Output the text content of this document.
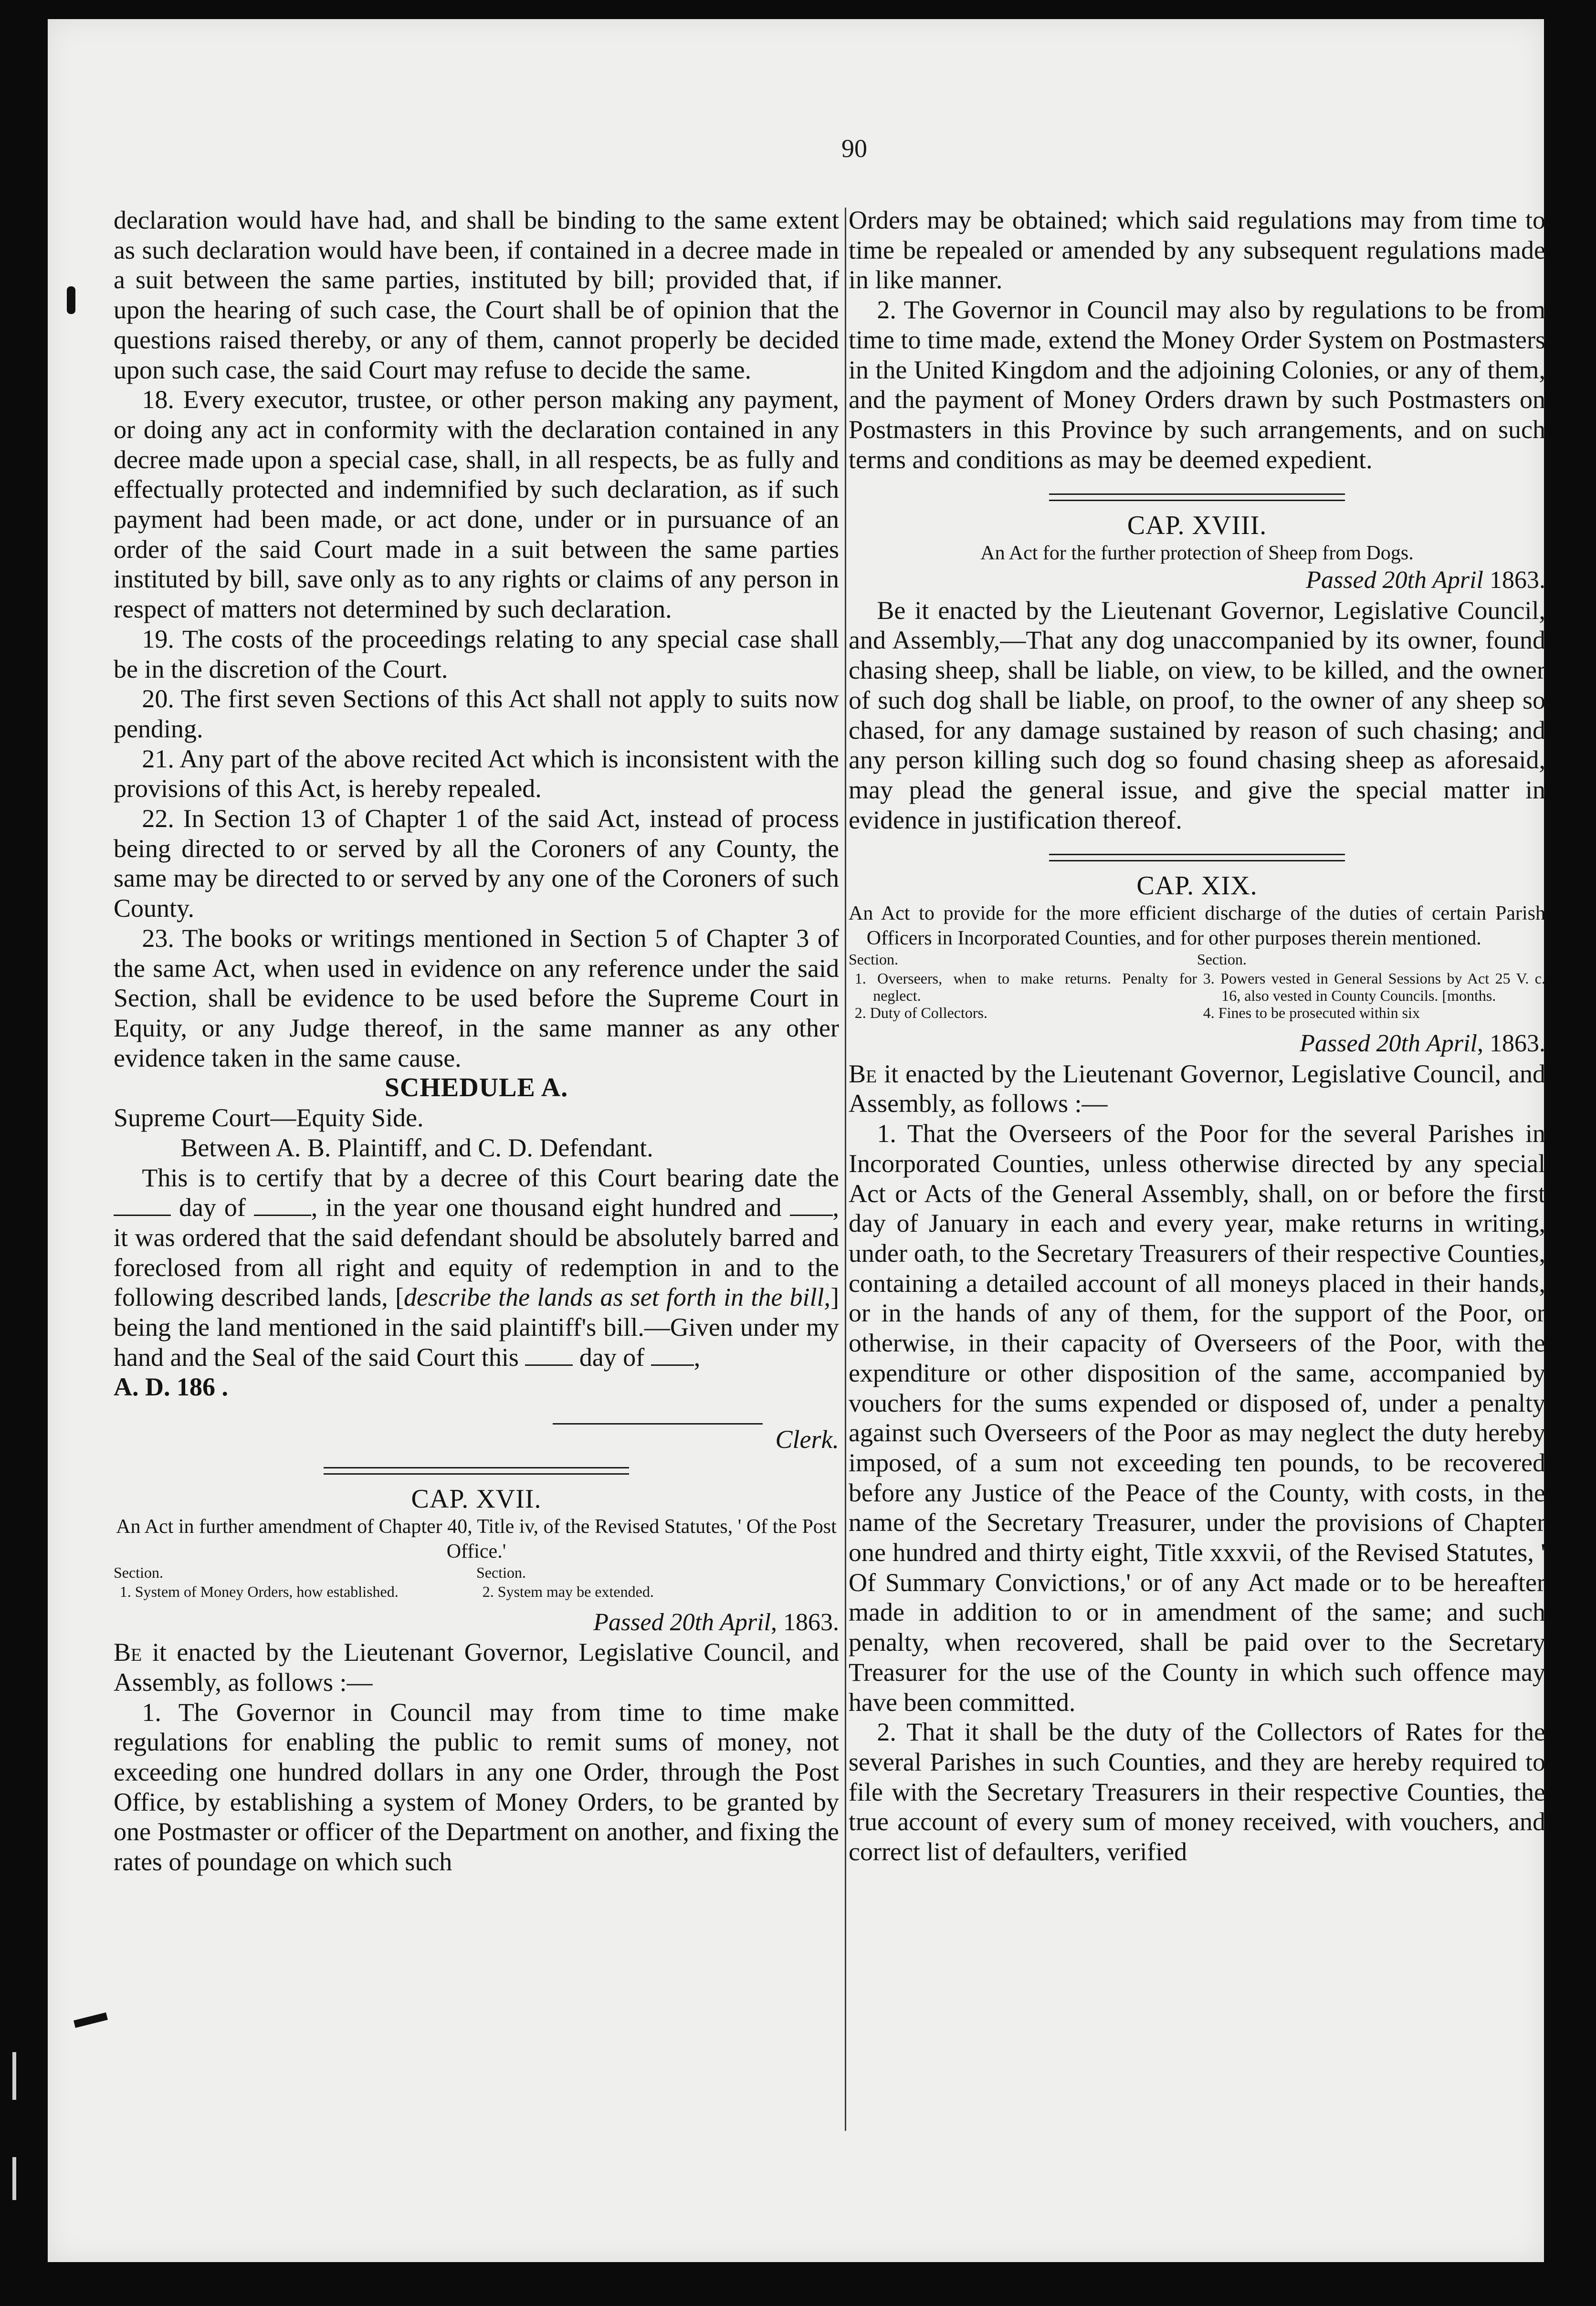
90

declaration would have had, and shall be binding to the same extent as such declaration would have been, if contained in a decree made in a suit between the same parties, instituted by bill; provided that, if upon the hearing of such case, the Court shall be of opinion that the questions raised thereby, or any of them, cannot properly be decided upon such case, the said Court may refuse to decide the same.

18. Every executor, trustee, or other person making any payment, or doing any act in conformity with the declaration contained in any decree made upon a special case, shall, in all respects, be as fully and effectually protected and indemnified by such declaration, as if such payment had been made, or act done, under or in pursuance of an order of the said Court made in a suit between the same parties instituted by bill, save only as to any rights or claims of any person in respect of matters not determined by such declaration.

19. The costs of the proceedings relating to any special case shall be in the discretion of the Court.

20. The first seven Sections of this Act shall not apply to suits now pending.

21. Any part of the above recited Act which is inconsistent with the provisions of this Act, is hereby repealed.

22. In Section 13 of Chapter 1 of the said Act, instead of process being directed to or served by all the Coroners of any County, the same may be directed to or served by any one of the Coroners of such County.

23. The books or writings mentioned in Section 5 of Chapter 3 of the same Act, when used in evidence on any reference under the said Section, shall be evidence to be used before the Supreme Court in Equity, or any Judge thereof, in the same manner as any other evidence taken in the same cause.

SCHEDULE A.

Supreme Court—Equity Side.

Between A. B. Plaintiff, and C. D. Defendant.

This is to certify that by a decree of this Court bearing date the  day of	, in the year one thousand eight hundred and , it was ordered that the said defendant should be absolutely barred and foreclosed from all right and equity of redemption in and to the following described lands, [describe the lands as set forth in the bill,] being the land mentioned in the said plaintiff's bill.—Given under my hand and the Seal of the said Court this day of ,

A. D. 186 .

Clerk.

CAP. XVII.

An Act in further amendment of Chapter 40, Title iv, of the Revised Statutes, ' Of the Post Office.'

Section.
1. System of Money Orders, how established.
Section.
2. System may be extended.

Passed 20th April, 1863.

Be it enacted by the Lieutenant Governor, Legislative Council, and Assembly, as follows :—

1. The Governor in Council may from time to time make regulations for enabling the public to remit sums of money, not exceeding one hundred dollars in any one Order, through the Post Office, by establishing a system of Money Orders, to be granted by one Postmaster or officer of the Department on another, and fixing the rates of poundage on which such

Orders may be obtained; which said regulations may from time to time be repealed or amended by any subsequent regulations made in like manner.

2. The Governor in Council may also by regulations to be from time to time made, extend the Money Order System on Postmasters in the United Kingdom and the adjoining Colonies, or any of them, and the payment of Money Orders drawn by such Postmasters on Postmasters in this Province by such arrangements, and on such terms and conditions as may be deemed expedient.

CAP. XVIII.

An Act for the further protection of Sheep from Dogs.

Passed 20th April 1863.

Be it enacted by the Lieutenant Governor, Legislative Council, and Assembly,—That any dog unaccompanied by its owner, found chasing sheep, shall be liable, on view, to be killed, and the owner of such dog shall be liable, on proof, to the owner of any sheep so chased, for any damage sustained by reason of such chasing; and any person killing such dog so found chasing sheep as aforesaid, may plead the general issue, and give the special matter in evidence in justification thereof.

CAP. XIX.

An Act to provide for the more efficient discharge of the duties of certain Parish Officers in Incorporated Counties, and for other purposes therein mentioned.

Section.
1. Overseers, when to make returns. Penalty for neglect.
2. Duty of Collectors.
Section.
3. Powers vested in General Sessions by Act 25 V. c. 16, also vested in County Councils. [months.
4. Fines to be prosecuted within six

Passed 20th April, 1863.

Be it enacted by the Lieutenant Governor, Legislative Council, and Assembly, as follows :—

1. That the Overseers of the Poor for the several Parishes in Incorporated Counties, unless otherwise directed by any special Act or Acts of the General Assembly, shall, on or before the first day of January in each and every year, make returns in writing, under oath, to the Secretary Treasurers of their respective Counties, containing a detailed account of all moneys placed in their hands, or in the hands of any of them, for the support of the Poor, or otherwise, in their capacity of Overseers of the Poor, with the expenditure or other disposition of the same, accompanied by vouchers for the sums expended or disposed of, under a penalty against such Overseers of the Poor as may neglect the duty hereby imposed, of a sum not exceeding ten pounds, to be recovered before any Justice of the Peace of the County, with costs, in the name of the Secretary Treasurer, under the provisions of Chapter one hundred and thirty eight, Title xxxvii, of the Revised Statutes, ' Of Summary Convictions,' or of any Act made or to be hereafter made in addition to or in amendment of the same; and such penalty, when recovered, shall be paid over to the Secretary Treasurer for the use of the County in which such offence may have been committed.

2. That it shall be the duty of the Collectors of Rates for the several Parishes in such Counties, and they are hereby required to file with the Secretary Treasurers in their respective Counties, the true account of every sum of money received, with vouchers, and correct list of defaulters, verified
